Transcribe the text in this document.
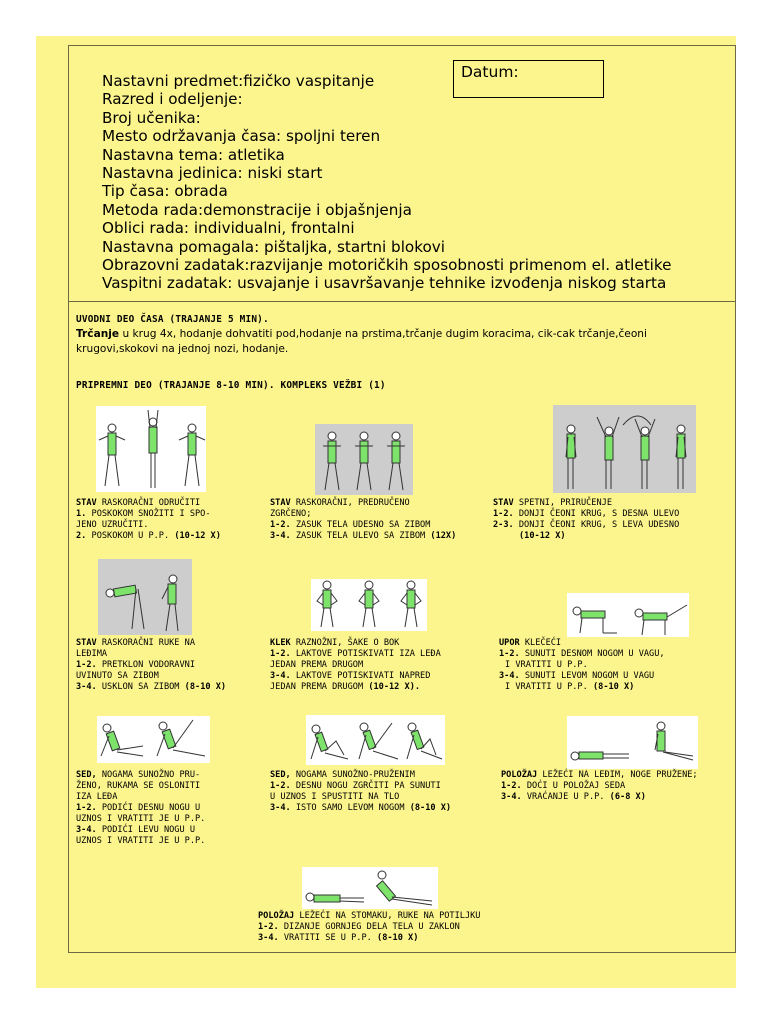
Nastavni predmet:fizičko vaspitanje
Razred i odeljenje:
Broj učenika:
Mesto održavanja časa: spoljni teren
Nastavna tema: atletika
Nastavna jedinica: niski start
Tip časa: obrada
Metoda rada:demonstracije i objašnjenja
Oblici rada: individualni, frontalni
Nastavna pomagala: pištaljka, startni blokovi
Obrazovni zadatak:razvijanje motoričkih sposobnosti primenom el. atletike
Vaspitni zadatak: usvajanje i usavršavanje tehnike izvođenja niskog starta
Datum:
UVODNI DEO ČASA (TRAJANJE 5 MIN).
Trčanje u krug 4x, hodanje dohvatiti pod,hodanje na prstima,trčanje dugim koracima, cik-cak trčanje,čeoni krugovi,skokovi na jednoj nozi, hodanje.
PRIPREMNI DEO (TRAJANJE 8-10 MIN). KOMPLEKS VEŽBI (1)
STAV RASKORAČNI ODRUČITI
1. POSKOKOM SNOŽITI I SPO-
JENO UZRUČITI.
2. POSKOKOM U P.P. (10-12 X)
STAV RASKORAČNI, PREDRUČENO
ZGRČENO;
1-2. ZASUK TELA UDESNO SA ZIBOM
3-4. ZASUK TELA ULEVO SA ZIBOM (12X)
STAV SPETNI, PRIRUČENJE
1-2. DONJI ČEONI KRUG, S DESNA ULEVO
2-3. DONJI ČEONI KRUG, S LEVA UDESNO
(10-12 X)
STAV RASKORAČNI RUKE NA
LEĐIMA
1-2. PRETKLON VODORAVNI
UVINUTO SA ZIBOM
3-4. USKLON SA ZIBOM (8-10 X)
KLEK RAZNOŽNI, ŠAKE O BOK
1-2. LAKTOVE POTISKIVATI IZA LEĐA
JEDAN PREMA DRUGOM
3-4. LAKTOVE POTISKIVATI NAPRED
JEDAN PREMA DRUGOM (10-12 X).
UPOR KLEČEĆI
1-2. SUNUTI DESNOM NOGOM U VAGU,
I VRATITI U P.P.
3-4. SUNUTI LEVOM NOGOM U VAGU
I VRATITI U P.P. (8-10 X)
SED, NOGAMA SUNOŽNO PRU-
ŽENO, RUKAMA SE OSLONITI
IZA LEĐA
1-2. PODIĆI DESNU NOGU U
UZNOS I VRATITI JE U P.P.
3-4. PODIĆI LEVU NOGU U
UZNOS I VRATITI JE U P.P.
SED, NOGAMA SUNOŽNO-PRUŽENIM
1-2. DESNU NOGU ZGRČITI PA SUNUTI
U UZNOS I SPUSTITI NA TLO
3-4. ISTO SAMO LEVOM NOGOM (8-10 X)
POLOŽAJ LEŽEĆI NA LEĐIM, NOGE PRUŽENE;
1-2. DOĆI U POLOŽAJ SEDA
3-4. VRAĆANJE U P.P. (6-8 X)
POLOŽAJ LEŽEĆI NA STOMAKU, RUKE NA POTILJKU
1-2. DIZANJE GORNJEG DELA TELA U ZAKLON
3-4. VRATITI SE U P.P. (8-10 X)
